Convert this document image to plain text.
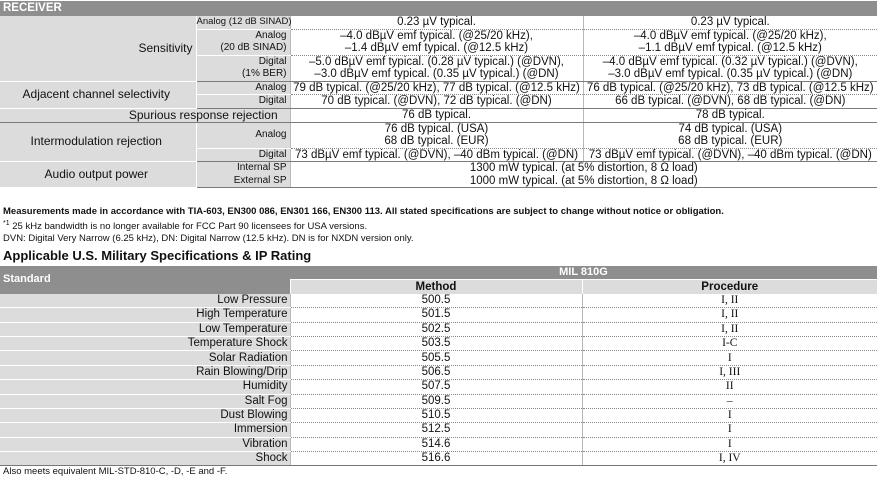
RECEIVER			
Sensitivity	Analog (12 dB SINAD)	0.23 µV typical.	0.23 µV typical.
	Analog	–4.0 dBµV emf typical. (@25/20 kHz),	–4.0 dBµV emf typical. (@25/20 kHz),
	(20 dB SINAD)	–1.4 dBµV emf typical. (@12.5 kHz)	–1.1 dBµV emf typical. (@12.5 kHz)
	Digital	–5.0 dBµV emf typical. (0.28 µV typical.) (@DVN),	–4.0 dBµV emf typical. (0.32 µV typical.) (@DVN),
	(1% BER)	–3.0 dBµV emf typical. (0.35 µV typical.) (@DN)	–3.0 dBµV emf typical. (0.35 µV typical.) (@DN)
Adjacent channel selectivity	Analog	79 dB typical. (@25/20 kHz), 77 dB typical. (@12.5 kHz)	76 dB typical. (@25/20 kHz), 73 dB typical. (@12.5 kHz)
	Digital	70 dB typical. (@DVN), 72 dB typical. (@DN)	66 dB typical. (@DVN), 68 dB typical. (@DN)
Spurious response rejection		76 dB typical.	78 dB typical.
Intermodulation rejection	Analog	76 dB typical. (USA)	74 dB typical. (USA)
		68 dB typical. (EUR)	68 dB typical. (EUR)
	Digital	73 dBµV emf typical. (@DVN), –40 dBm typical. (@DN)	73 dBµV emf typical. (@DVN), –40 dBm typical. (@DN)
Audio output power	Internal SP	1300 mW typical. (at 5% distortion, 8 Ω load)	
	External SP	1000 mW typical. (at 5% distortion, 8 Ω load)	
Measurements made in accordance with TIA-603, EN300 086, EN301 166, EN300 113. All stated specifications are subject to change without notice or obligation.
$^{*1}$ 25 kHz bandwidth is no longer available for FCC Part 90 licensees for USA versions.
DVN: Digital Very Narrow (6.25 kHz), DN: Digital Narrow (12.5 kHz). DN is for NXDN version only.
Applicable U.S. Military Specifications & IP Rating
Standard	MIL 810G	
	Method	Procedure
Low Pressure	500.5	I, II
High Temperature	501.5	I, II
Low Temperature	502.5	I, II
Temperature Shock	503.5	I-C
Solar Radiation	505.5	I
Rain Blowing/Drip	506.5	I, III
Humidity	507.5	II
Salt Fog	509.5	–
Dust Blowing	510.5	I
Immersion	512.5	I
Vibration	514.6	I
Shock	516.6	I, IV
Also meets equivalent MIL-STD-810-C, -D, -E and -F.
